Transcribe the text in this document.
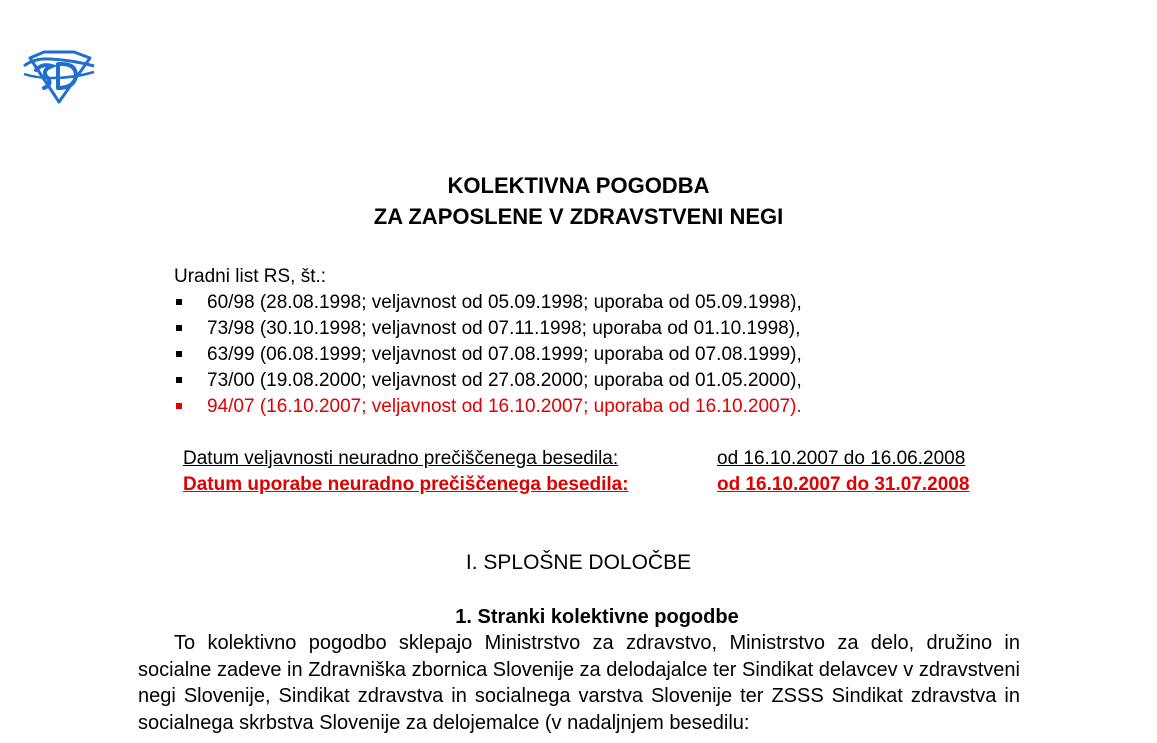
KOLEKTIVNA POGODBA
ZA ZAPOSLENE V ZDRAVSTVENI NEGI
Uradni list RS, št.:
60/98 (28.08.1998; veljavnost od 05.09.1998; uporaba od 05.09.1998),
73/98 (30.10.1998; veljavnost od 07.11.1998; uporaba od 01.10.1998),
63/99 (06.08.1999; veljavnost od 07.08.1999; uporaba od 07.08.1999),
73/00 (19.08.2000; veljavnost od 27.08.2000; uporaba od 01.05.2000),
94/07 (16.10.2007; veljavnost od 16.10.2007; uporaba od 16.10.2007).
Datum veljavnosti neuradno prečiščenega besedila:	od 16.10.2007 do 16.06.2008
Datum uporabe neuradno prečiščenega besedila:	od 16.10.2007 do 31.07.2008
I. SPLOŠNE DOLOČBE
1. Stranki kolektivne pogodbe
To kolektivno pogodbo sklepajo Ministrstvo za zdravstvo, Ministrstvo za delo, družino in socialne zadeve in Zdravniška zbornica Slovenije za delodajalce ter Sindikat delavcev v zdravstveni negi Slovenije, Sindikat zdravstva in socialnega varstva Slovenije ter ZSSS Sindikat zdravstva in socialnega skrbstva Slovenije za delojemalce (v nadaljnjem besedilu:
